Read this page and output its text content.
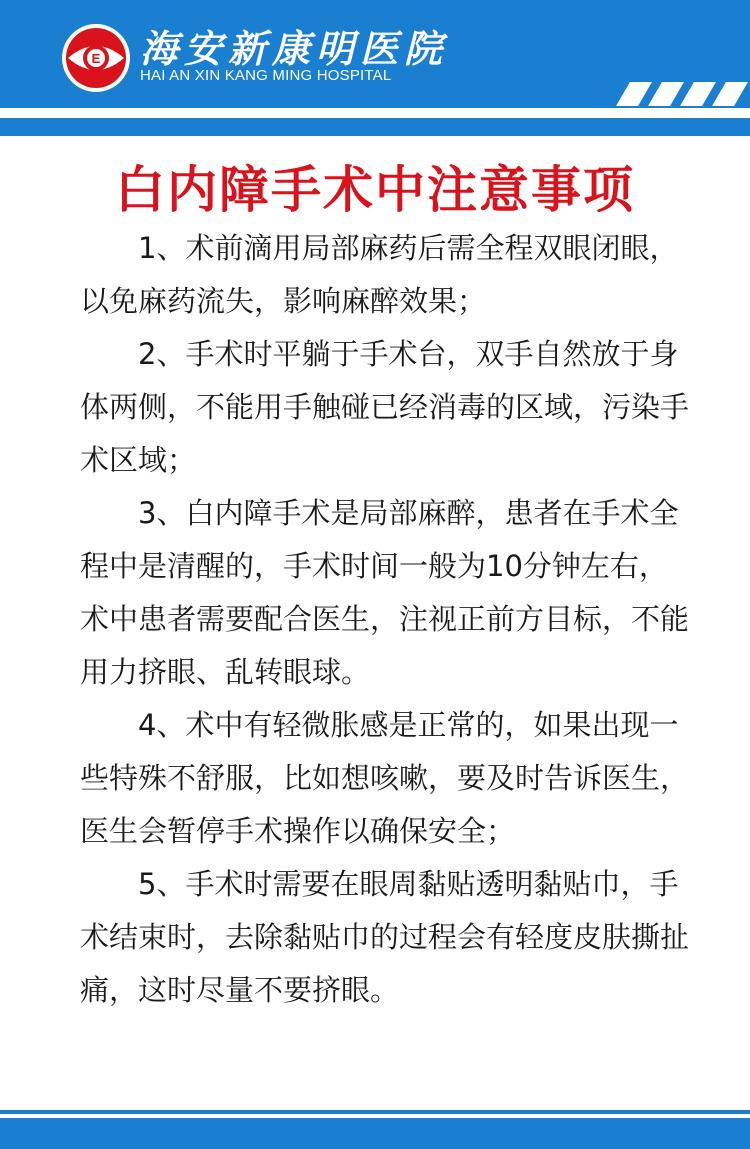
E 海安新康明医院
HAI AN XIN KANG MING HOSPITAL
白内障手术中注意事项

1、术前滴用局部麻药后需全程双眼闭眼，以免麻药流失，影响麻醉效果；

2、手术时平躺于手术台，双手自然放于身体两侧，不能用手触碰已经消毒的区域，污染手术区域；

3、白内障手术是局部麻醉，患者在手术全程中是清醒的，手术时间一般为10分钟左右，术中患者需要配合医生，注视正前方目标，不能用力挤眼、乱转眼球。

4、术中有轻微胀感是正常的，如果出现一些特殊不舒服，比如想咳嗽，要及时告诉医生，医生会暂停手术操作以确保安全；

5、手术时需要在眼周黏贴透明黏贴巾，手术结束时，去除黏贴巾的过程会有轻度皮肤撕扯痛，这时尽量不要挤眼。
